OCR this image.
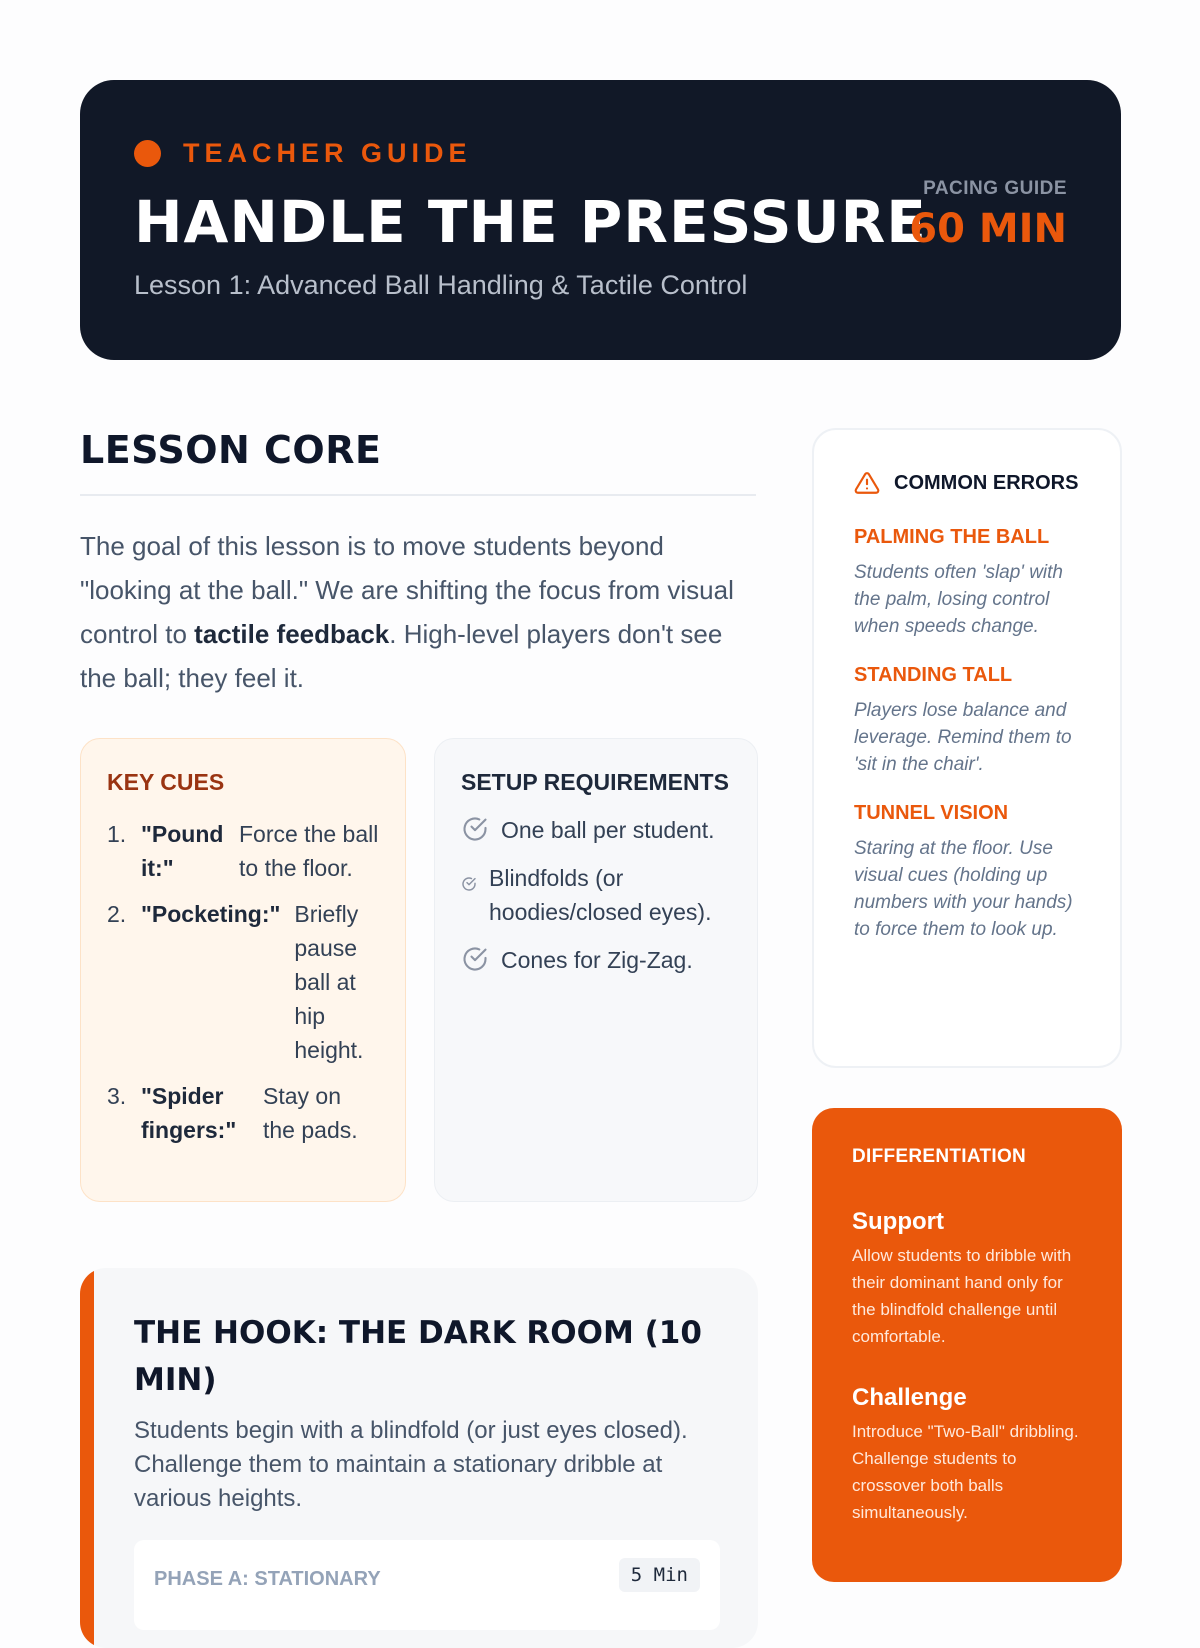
TEACHER GUIDE
HANDLE THE PRESSURE
Lesson 1: Advanced Ball Handling & Tactile Control
PACING GUIDE
60 MIN
LESSON CORE
The goal of this lesson is to move students beyond "looking at the ball." We are shifting the focus from visual control to tactile feedback. High-level players don't see the ball; they feel it.
KEY CUES
1. "Pound it:"
Force the ball to the floor.
2. "Pocketing:" Briefly pause ball at hip height.
3. "Spider fingers:"
Stay on the pads.
SETUP REQUIREMENTS
One ball per student.
Blindfolds (or hoodies/closed eyes).
Cones for Zig-Zag.
COMMON ERRORS
PALMING THE BALL
Students often 'slap' with the palm, losing control when speeds change.
STANDING TALL
Players lose balance and leverage. Remind them to 'sit in the chair'.
TUNNEL VISION
Staring at the floor. Use visual cues (holding up numbers with your hands) to force them to look up.
DIFFERENTIATION
Support
Allow students to dribble with their dominant hand only for the blindfold challenge until comfortable.
Challenge
Introduce "Two-Ball" dribbling. Challenge students to crossover both balls simultaneously.
THE HOOK: THE DARK ROOM (10 MIN)
Students begin with a blindfold (or just eyes closed). Challenge them to maintain a stationary dribble at various heights.
PHASE A: STATIONARY	5 Min
